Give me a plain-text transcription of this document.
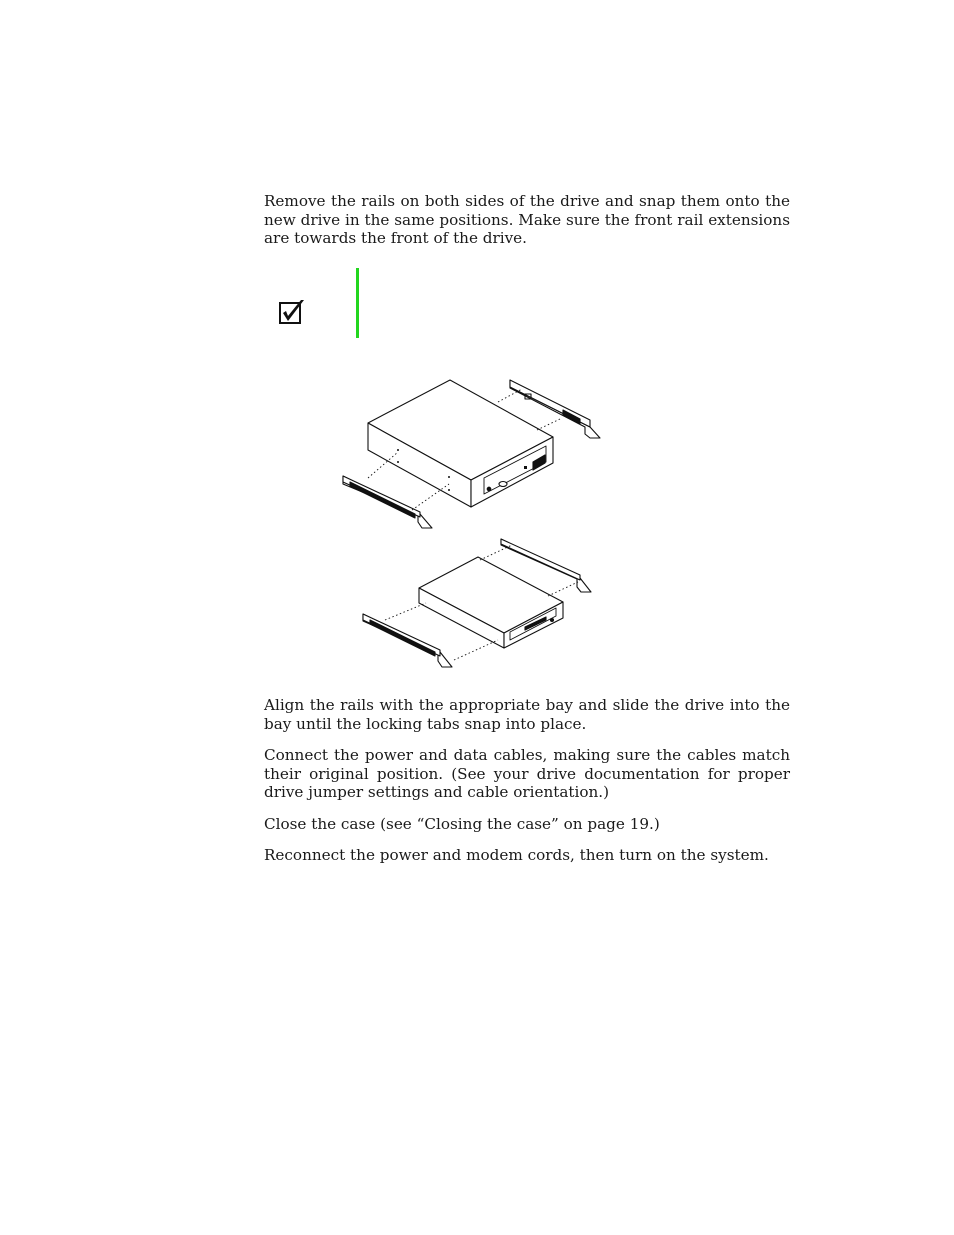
Remove the rails on both sides of the drive and snap them onto the new drive in the same positions. Make sure the front rail extensions are towards the front of the drive.

Align the rails with the appropriate bay and slide the drive into the bay until the locking tabs snap into place.

Connect the power and data cables, making sure the cables match their original position. (See your drive documentation for proper drive jumper settings and cable orientation.)

Close the case (see “Closing the case” on page 19.)

Reconnect the power and modem cords, then turn on the system.
